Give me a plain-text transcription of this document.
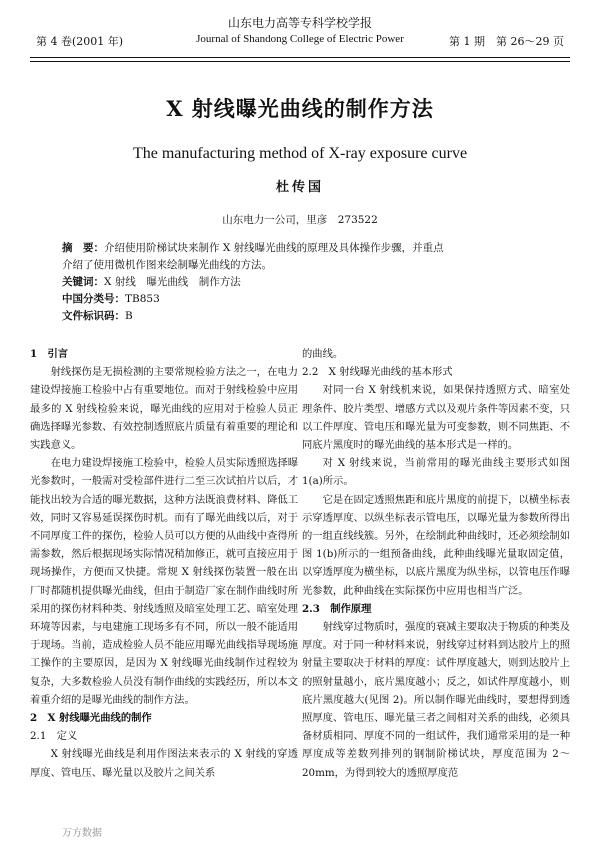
山东电力高等专科学校学报
第 4 卷(2001 年)	Journal of Shandong College of Electric Power	第 1 期　第 26～29 页
X 射线曝光曲线的制作方法
The manufacturing method of X-ray exposure curve
杜传国
山东电力一公司，里彦　273522
摘　要：介绍使用阶梯试块来制作 X 射线曝光曲线的原理及具体操作步骤，并重点
介绍了使用微机作图来绘制曝光曲线的方法。
关键词：X 射线　曝光曲线　制作方法
中国分类号：TB853
文件标识码：B

1　引言

射线探伤是无损检测的主要常规检验方法之一，在电力建设焊接施工检验中占有重要地位。而对于射线检验中应用最多的 X 射线检验来说，曝光曲线的应用对于检验人员正确选择曝光参数、有效控制透照底片质量有着重要的理论和实践意义。

在电力建设焊接施工检验中，检验人员实际透照选择曝光参数时，一般需对受检部件进行二至三次试拍片以后，才能找出较为合适的曝光数据，这种方法既浪费材料、降低工效，同时又容易延误探伤时机。而有了曝光曲线以后，对于不同厚度工件的探伤，检验人员可以方便的从曲线中查得所需参数，然后根据现场实际情况稍加修正，就可直接应用于现场操作，方便而又快捷。常规 X 射线探伤装置一般在出厂时都随机提供曝光曲线，但由于制造厂家在制作曲线时所采用的探伤材料种类、射线透照及暗室处理工艺、暗室处理环境等因素，与电建施工现场多有不同，所以一般不能适用于现场。当前，造成检验人员不能应用曝光曲线指导现场施工操作的主要原因，是因为 X 射线曝光曲线制作过程较为复杂，大多数检验人员没有制作曲线的实践经历，所以本文着重介绍的是曝光曲线的制作方法。

2　X 射线曝光曲线的制作

2.1　定义

X 射线曝光曲线是利用作图法来表示的 X 射线的穿透厚度、管电压、曝光量以及胶片之间关系

的曲线。

2.2　X 射线曝光曲线的基本形式

对同一台 X 射线机来说，如果保持透照方式、暗室处理条件、胶片类型、增感方式以及观片条件等因素不变，只以工件厚度、管电压和曝光量为可变参数，则不同焦距、不同底片黑度时的曝光曲线的基本形式是一样的。

对 X 射线来说，当前常用的曝光曲线主要形式如图 1(a)所示。

它是在固定透照焦距和底片黑度的前提下，以横坐标表示穿透厚度、以纵坐标表示管电压，以曝光量为参数所得出的一组直线线簇。另外，在绘制此种曲线时，还必须绘制如图 1(b)所示的一组预备曲线，此种曲线曝光量取固定值，以穿透厚度为横坐标，以底片黑度为纵坐标，以管电压作曝光参数，此种曲线在实际探伤中应用也相当广泛。

2.3　制作原理

射线穿过物质时，强度的衰减主要取决于物质的种类及厚度。对于同一种材料来说，射线穿过材料到达胶片上的照射量主要取决于材料的厚度：试件厚度越大，则到达胶片上的照射量越小，底片黑度越小；反之，如试件厚度越小，则底片黑度越大(见图 2)。所以制作曝光曲线时，要想得到透照厚度、管电压、曝光量三者之间相对关系的曲线，必须具备材质相同、厚度不同的一组试件，我们通常采用的是一种厚度成等差数列排列的钢制阶梯试块，厚度范围为 2～20mm，为得到较大的透照厚度范

万方数据
